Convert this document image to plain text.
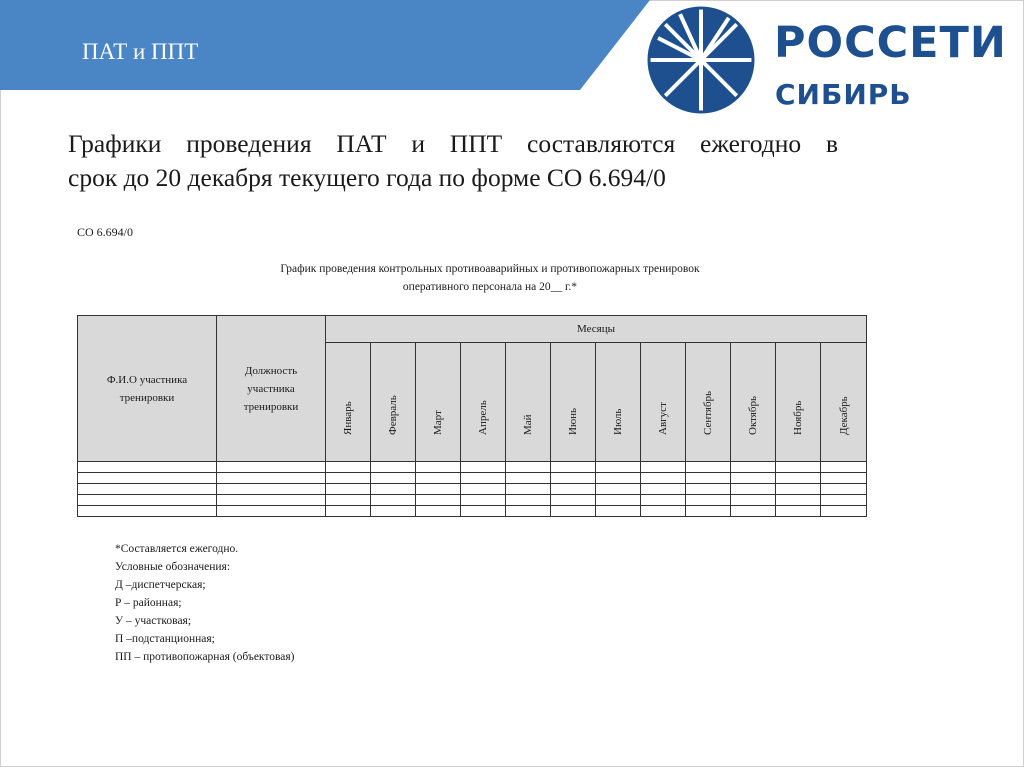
ПАТ и ППТ	РОССЕТИ
СИБИРЬ
Графики проведения ПАТ и ППТ составляются ежегодно в
срок до 20 декабря текущего года по форме СО 6.694/0
СО 6.694/0
График проведения контрольных противоаварийных и противопожарных тренировок
оперативного персонала на 20__ г.*
Ф.И.О участника тренировки	Должность участника тренировки	Месяцы											

		Январь	Февраль	Март	Апрель	Май	Июнь	Июль	Август	Сентябрь	Октябрь	Ноябрь	Декабрь

*Составляется ежегодно.
Условные обозначения:
Д –диспетчерская;
Р – районная;
У – участковая;
П –подстанционная;
ПП – противопожарная (объектовая)
